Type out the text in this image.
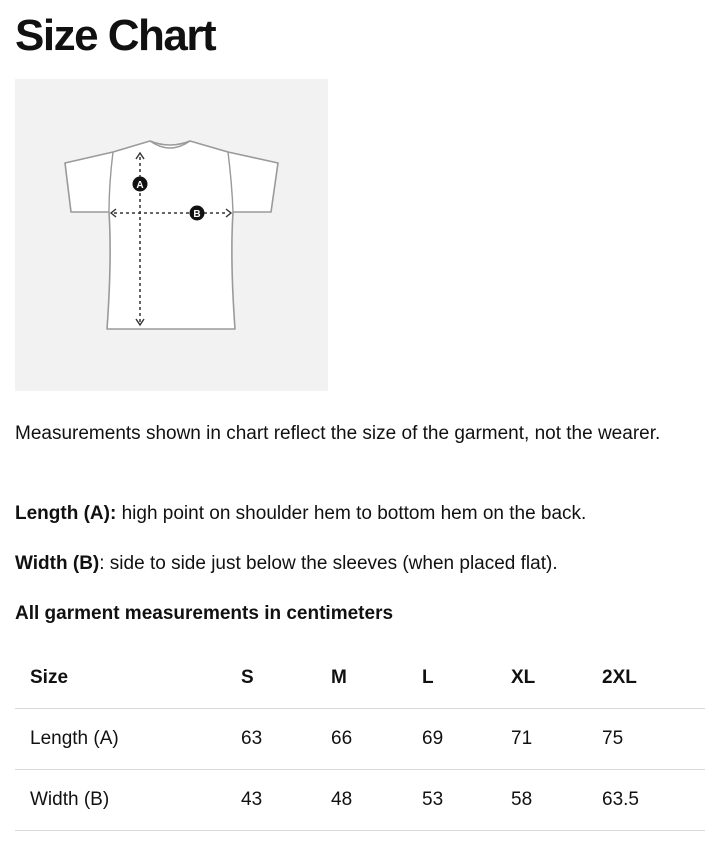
Size Chart
A
B

Measurements shown in chart reflect the size of the garment, not the wearer.

Length (A): high point on shoulder hem to bottom hem on the back.

Width (B): side to side just below the sleeves (when placed flat).

All garment measurements in centimeters

Size	S	M	L	XL	2XL
Length (A)	63	66	69	71	75
Width (B)	43	48	53	58	63.5
